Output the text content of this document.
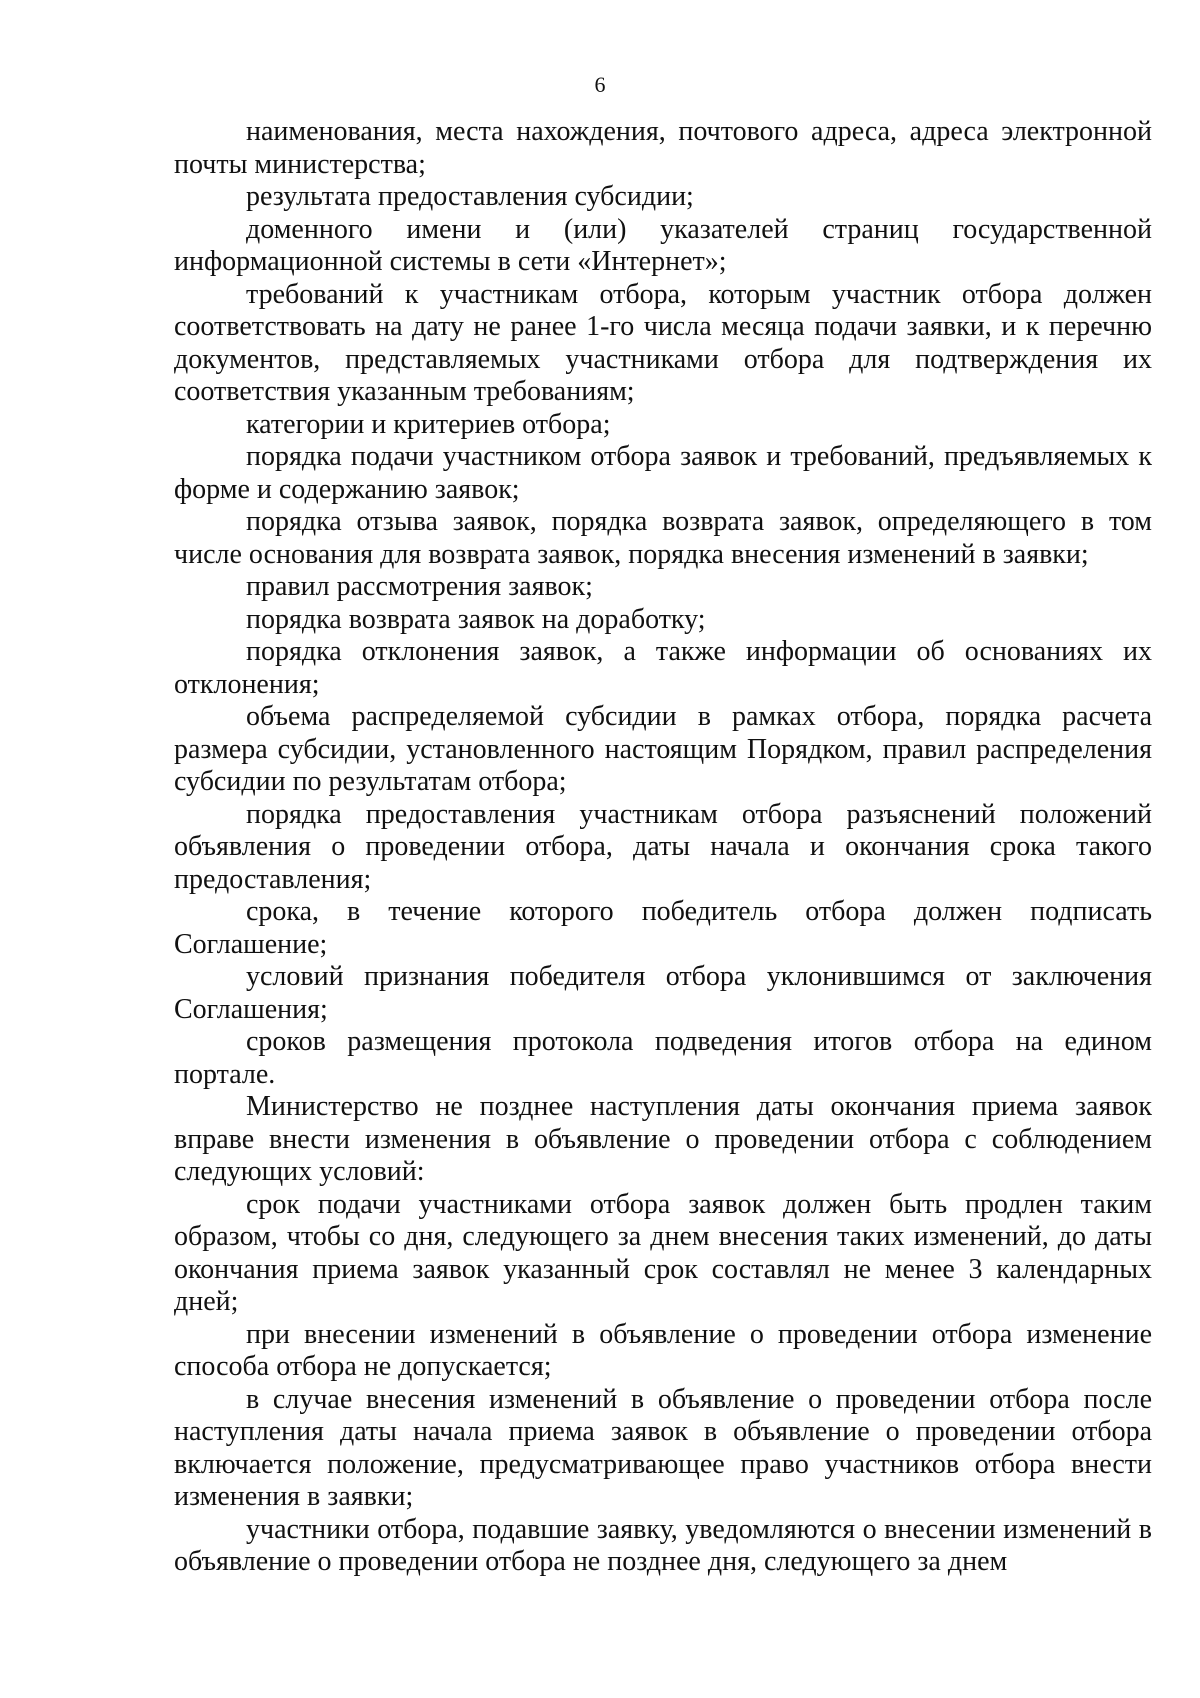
6

наименования, места нахождения, почтового адреса, адреса электронной почты министерства;

результата предоставления субсидии;

доменного имени и (или) указателей страниц государственной информационной системы в сети «Интернет»;

требований к участникам отбора, которым участник отбора должен соответствовать на дату не ранее 1-го числа месяца подачи заявки, и к перечню документов, представляемых участниками отбора для подтверждения их соответствия указанным требованиям;

категории и критериев отбора;

порядка подачи участником отбора заявок и требований, предъявляемых к форме и содержанию заявок;

порядка отзыва заявок, порядка возврата заявок, определяющего в том числе основания для возврата заявок, порядка внесения изменений в заявки;

правил рассмотрения заявок;

порядка возврата заявок на доработку;

порядка отклонения заявок, а также информации об основаниях их отклонения;

объема распределяемой субсидии в рамках отбора, порядка расчета размера субсидии, установленного настоящим Порядком, правил распределения субсидии по результатам отбора;

порядка предоставления участникам отбора разъяснений положений объявления о проведении отбора, даты начала и окончания срока такого предоставления;

срока, в течение которого победитель отбора должен подписать Соглашение;

условий признания победителя отбора уклонившимся от заключения Соглашения;

сроков размещения протокола подведения итогов отбора на едином портале.

Министерство не позднее наступления даты окончания приема заявок вправе внести изменения в объявление о проведении отбора с соблюдением следующих условий:

срок подачи участниками отбора заявок должен быть продлен таким образом, чтобы со дня, следующего за днем внесения таких изменений, до даты окончания приема заявок указанный срок составлял не менее 3 календарных дней;

при внесении изменений в объявление о проведении отбора изменение способа отбора не допускается;

в случае внесения изменений в объявление о проведении отбора после наступления даты начала приема заявок в объявление о проведении отбора включается положение, предусматривающее право участников отбора внести изменения в заявки;

участники отбора, подавшие заявку, уведомляются о внесении изменений в объявление о проведении отбора не позднее дня, следующего за днем
